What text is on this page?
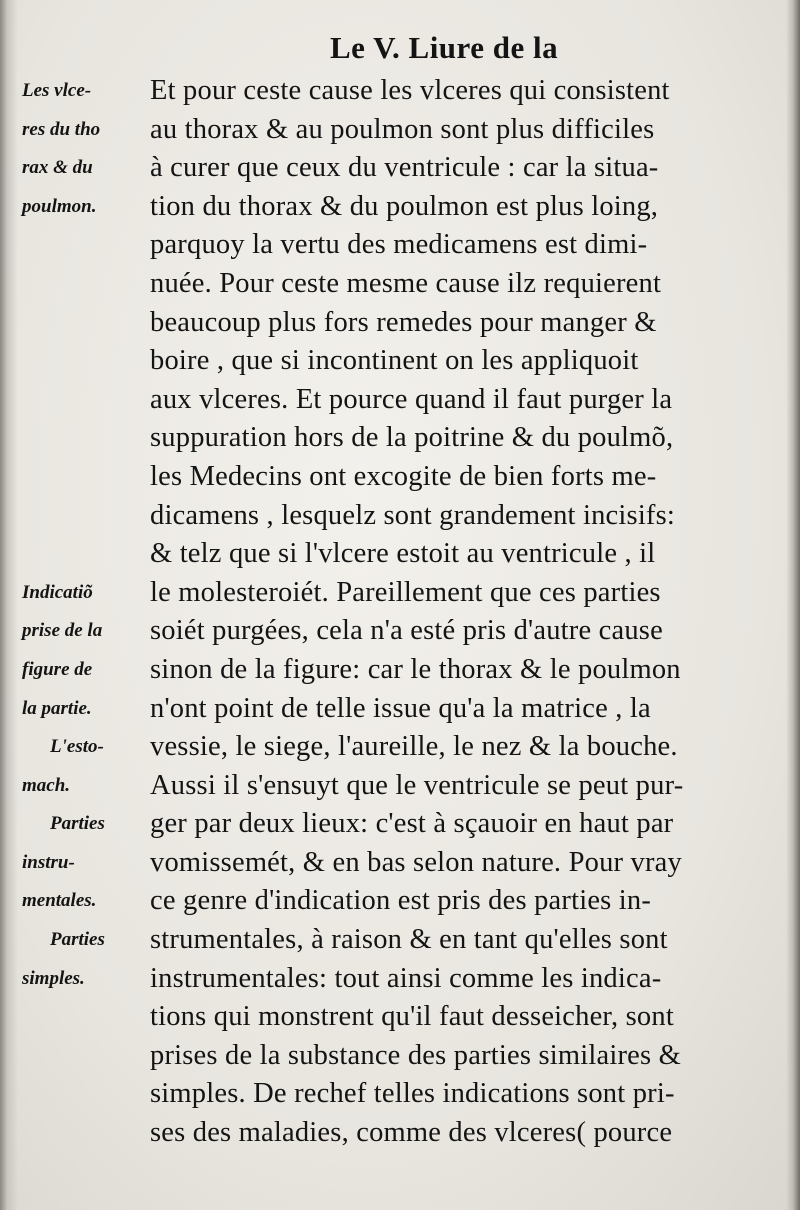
Le V. Liure de la
Les vlce-
res du tho
rax & du
poulmon.
Indicatiõ
prise de la
figure de
la partie.
L'esto-
mach.
Parties
instru-
mentales.
Parties
simples.
Et pour ceste cause les vlceres qui consistent
au thorax & au poulmon sont plus difficiles
à curer que ceux du ventricule : car la situa-
tion du thorax & du poulmon est plus loing,
parquoy la vertu des medicamens est dimi-
nuée. Pour ceste mesme cause ilz requierent
beaucoup plus fors remedes pour manger &
boire , que si incontinent on les appliquoit
aux vlceres. Et pource quand il faut purger la
suppuration hors de la poitrine & du poulmõ,
les Medecins ont excogite de bien forts me-
dicamens , lesquelz sont grandement incisifs:
& telz que si l'vlcere estoit au ventricule , il
le molesteroiét. Pareillement que ces parties
soiét purgées, cela n'a esté pris d'autre cause
sinon de la figure: car le thorax & le poulmon
n'ont point de telle issue qu'a la matrice , la
vessie, le siege, l'aureille, le nez & la bouche.
Aussi il s'ensuyt que le ventricule se peut pur-
ger par deux lieux: c'est à sçauoir en haut par
vomissemét, & en bas selon nature. Pour vray
ce genre d'indication est pris des parties in-
strumentales, à raison & en tant qu'elles sont
instrumentales: tout ainsi comme les indica-
tions qui monstrent qu'il faut desseicher, sont
prises de la substance des parties similaires &
simples. De rechef telles indications sont pri-
ses des maladies, comme des vlceres( pource
